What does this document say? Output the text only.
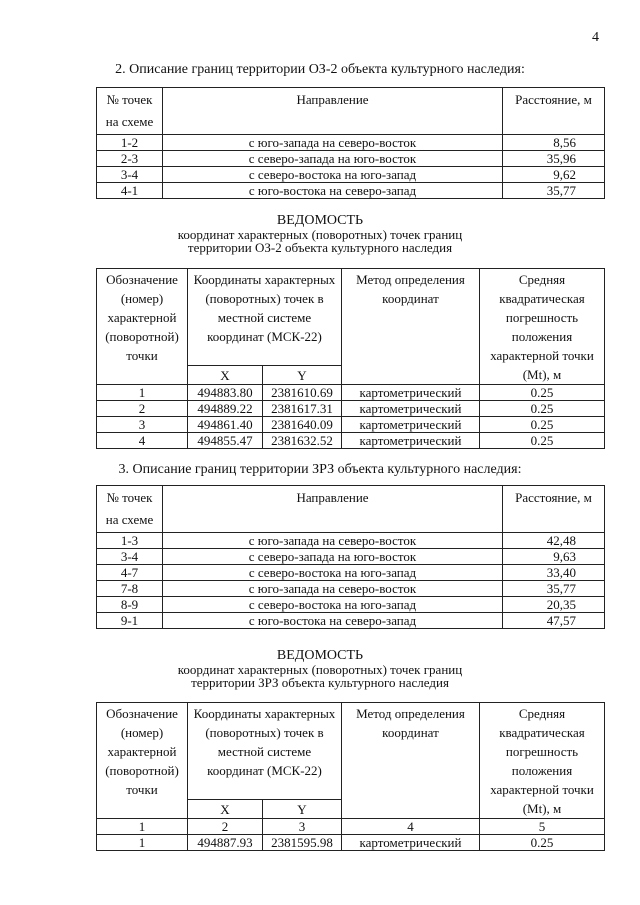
4
2. Описание границ территории ОЗ-2 объекта культурного наследия:
№ точек на схеме	Направление	Расстояние, м
1-2	с юго-запада на северо-восток	8,56
2-3	с северо-запада на юго-восток	35,96
3-4	с северо-востока на юго-запад	9,62
4-1	с юго-востока на северо-запад	35,77
ВЕДОМОСТЬ
координат характерных (поворотных) точек границ
территории ОЗ-2 объекта культурного наследия
Обозначение (номер) характерной (поворотной) точки	Координаты характерных (поворотных) точек в местной системе координат (МСК-22)		Метод определения координат	Средняя квадратическая погрешность положения характерной точки (Mt), м
	X	Y		
1	494883.80	2381610.69	картометрический	0.25
2	494889.22	2381617.31	картометрический	0.25
3	494861.40	2381640.09	картометрический	0.25
4	494855.47	2381632.52	картометрический	0.25
3. Описание границ территории ЗРЗ объекта культурного наследия:
№ точек на схеме	Направление	Расстояние, м
1-3	с юго-запада на северо-восток	42,48
3-4	с северо-запада на юго-восток	9,63
4-7	с северо-востока на юго-запад	33,40
7-8	с юго-запада на северо-восток	35,77
8-9	с северо-востока на юго-запад	20,35
9-1	с юго-востока на северо-запад	47,57
ВЕДОМОСТЬ
координат характерных (поворотных) точек границ
территории ЗРЗ объекта культурного наследия
Обозначение (номер) характерной (поворотной) точки	Координаты характерных (поворотных) точек в местной системе координат (МСК-22)		Метод определения координат	Средняя квадратическая погрешность положения характерной точки (Mt), м
	X	Y		
1	2	3	4	5
1	494887.93	2381595.98	картометрический	0.25
